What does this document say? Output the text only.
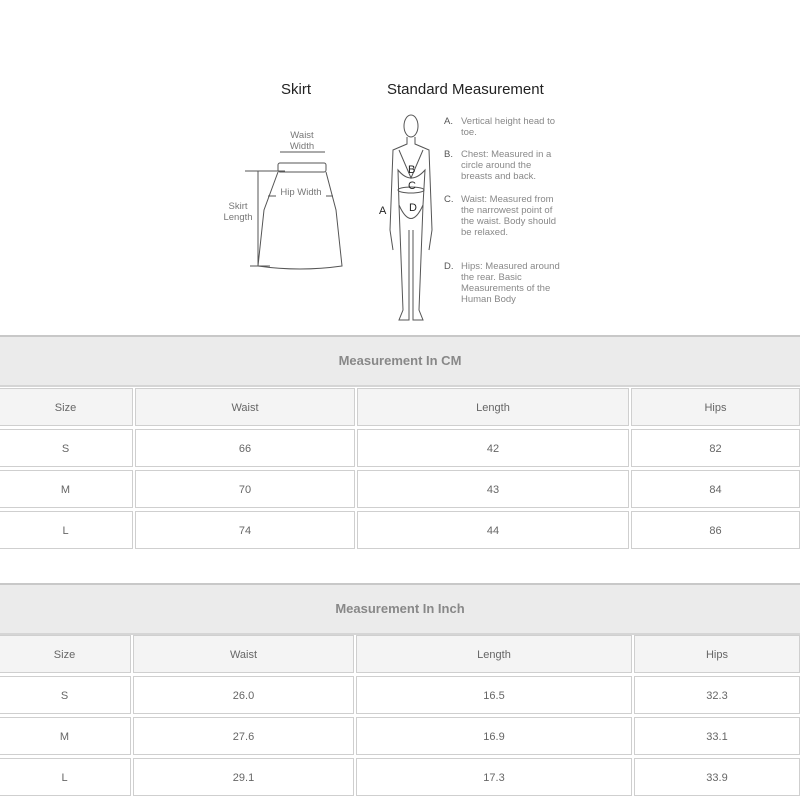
Skirt	Standard Measurement
Waist Width
Hip Width
Skirt Length
B
C
D
A
A. Vertical height head to toe.
B. Chest: Measured in a circle around the breasts and back.
C. Waist: Measured from the narrowest point of the waist. Body should be relaxed.
D. Hips: Measured around the rear. Basic Measurements of the Human Body
Measurement In CM
Size	Waist	Length	Hips
S	66	42	82
M	70	43	84
L	74	44	86
Measurement In Inch
Size	Waist	Length	Hips
S	26.0	16.5	32.3
M	27.6	16.9	33.1
L	29.1	17.3	33.9
